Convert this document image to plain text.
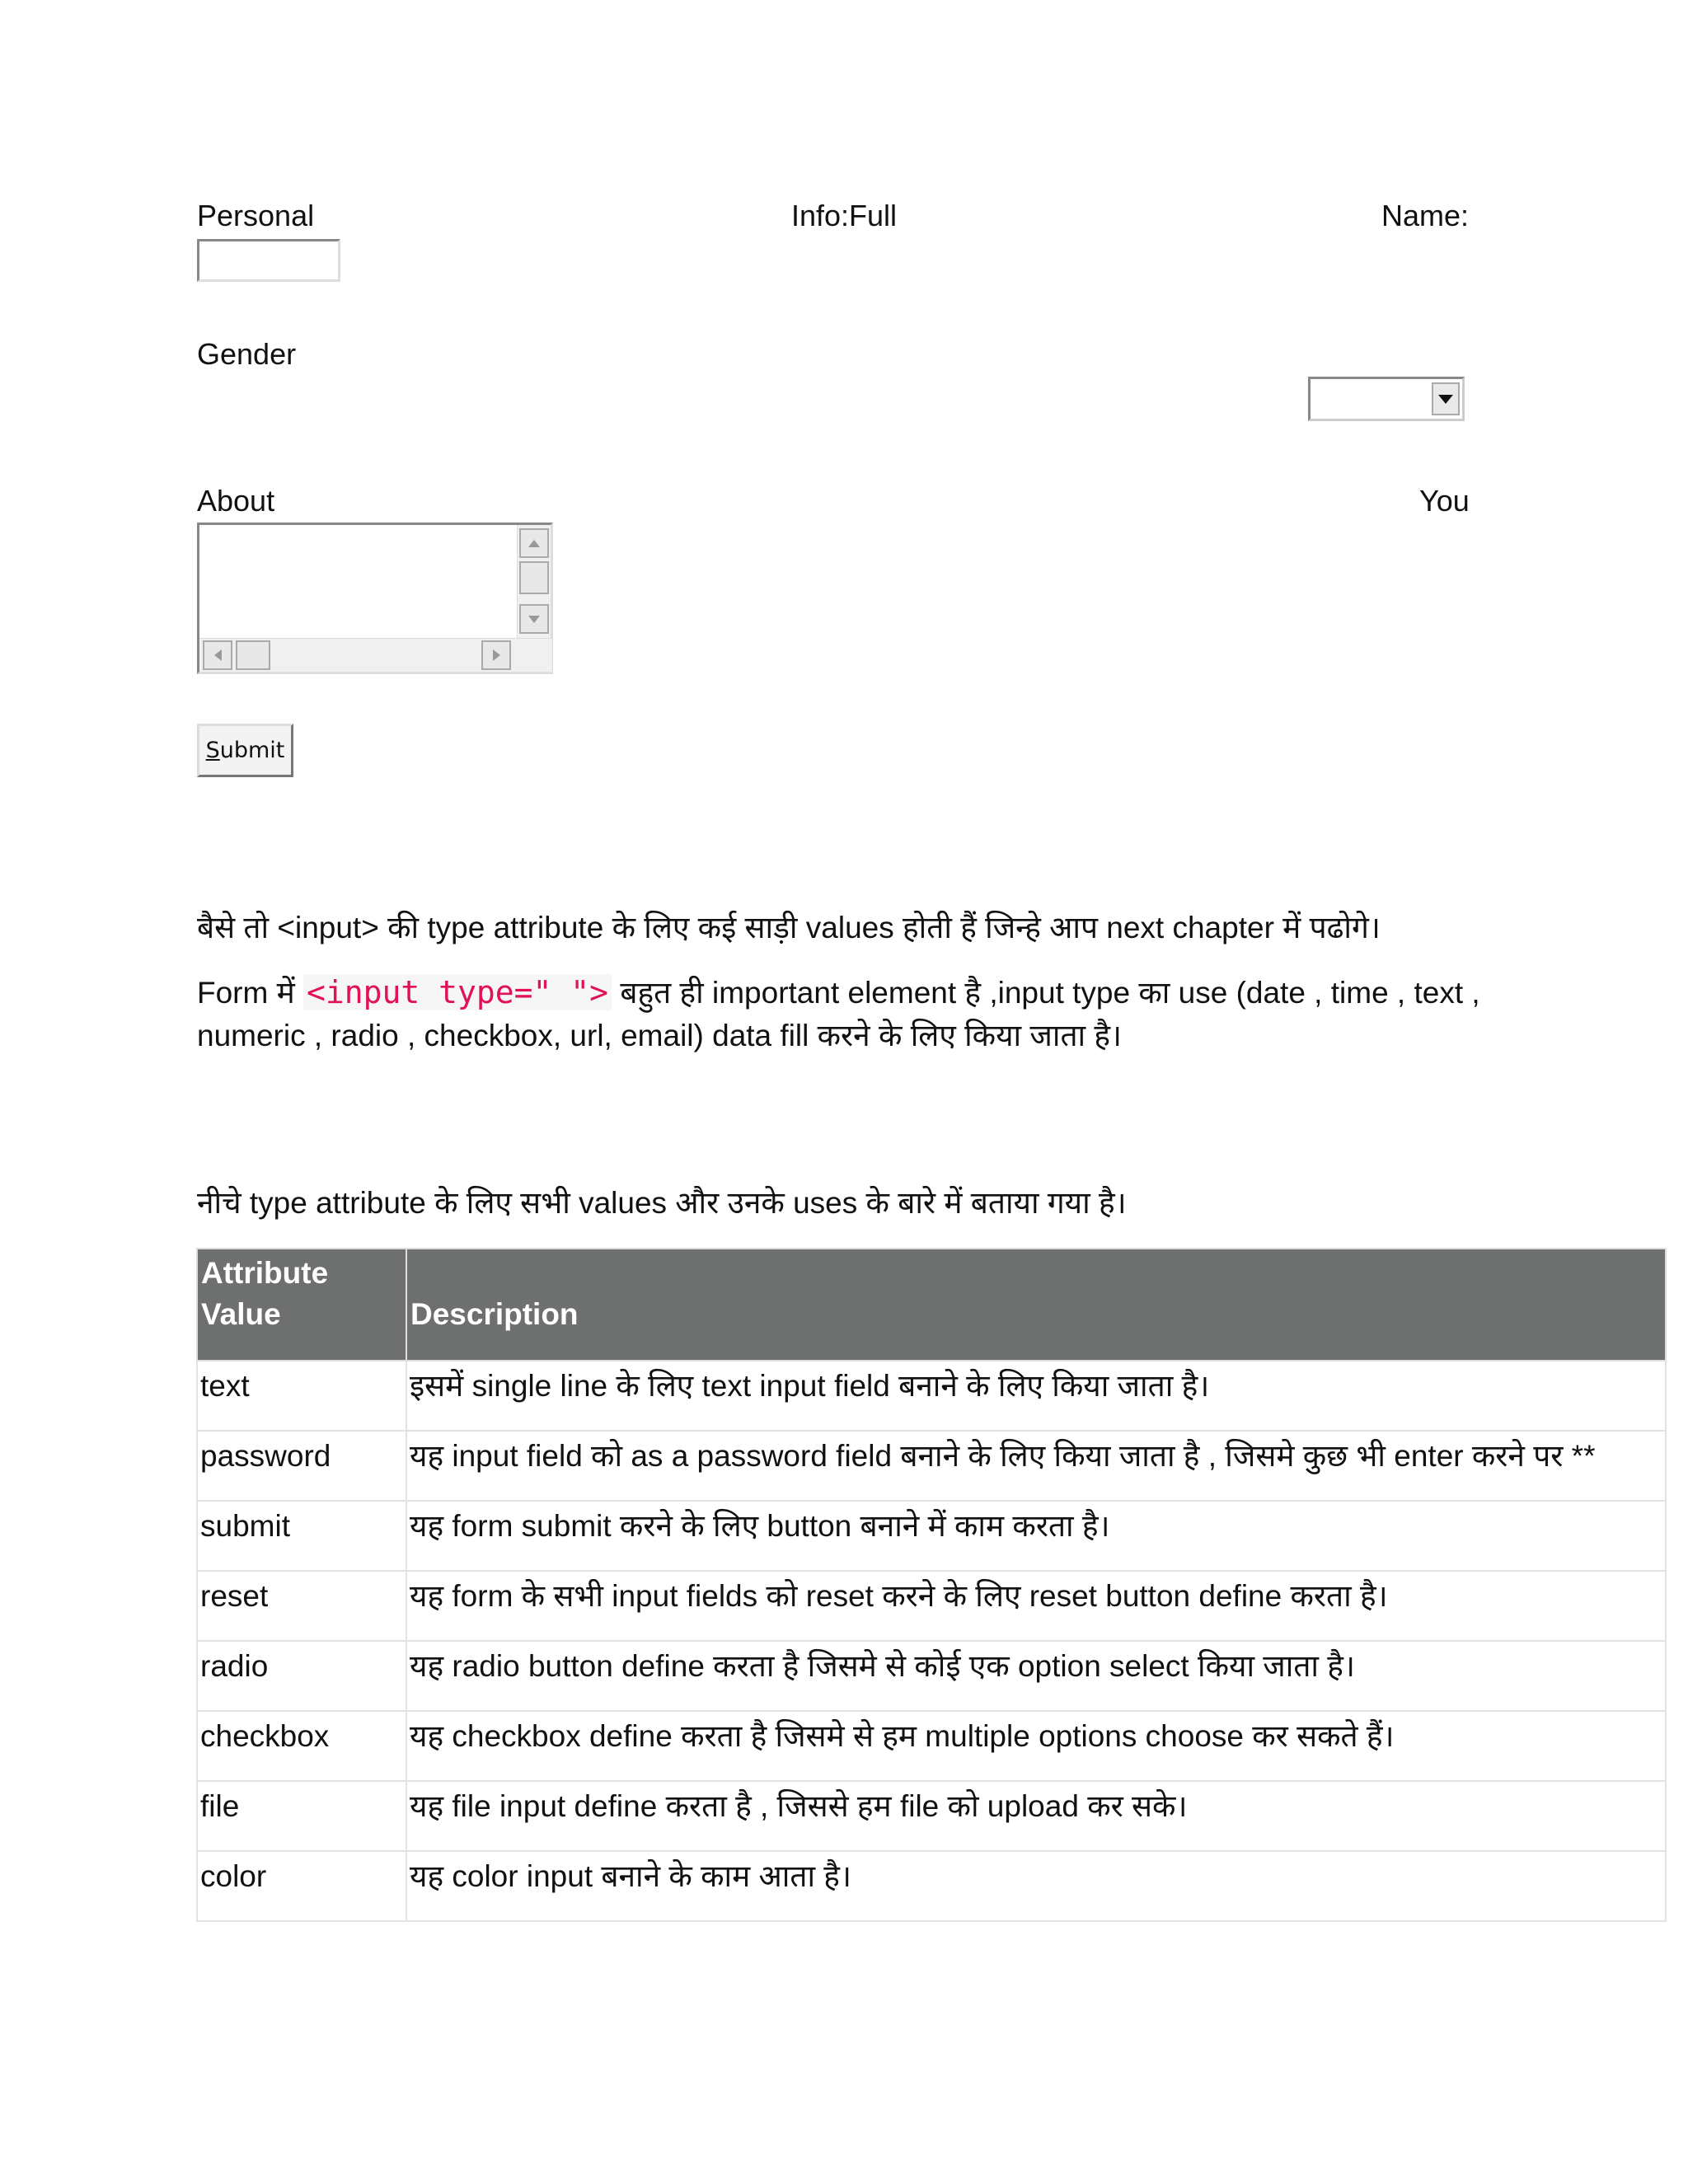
Personal	Info:Full	Name:
Gender
About	You
S ubmit
बैसे तो <input> की type attribute के लिए कई साड़ी values होती हैं जिन्हे आप next chapter में पढोगे।
Form में <input type=" "> बहुत ही important element है ,input type का use (date , time , text ,
numeric , radio , checkbox, url, email) data fill करने के लिए किया जाता है।
नीचे type attribute के लिए सभी values और उनके uses के बारे में बताया गया है।
Attribute
Value	Description
text	इसमें single line के लिए text input field बनाने के लिए किया जाता है।
password	यह input field को as a password field बनाने के लिए किया जाता है , जिसमे कुछ भी enter करने पर **
submit	यह form submit करने के लिए button बनाने में काम करता है।
reset	यह form के सभी input fields को reset करने के लिए reset button define करता है।
radio	यह radio button define करता है जिसमे से कोई एक option select किया जाता है।
checkbox	यह checkbox define करता है जिसमे से हम multiple options choose कर सकते हैं।
file	यह file input define करता है , जिससे हम file को upload कर सके।
color	यह color input बनाने के काम आता है।
